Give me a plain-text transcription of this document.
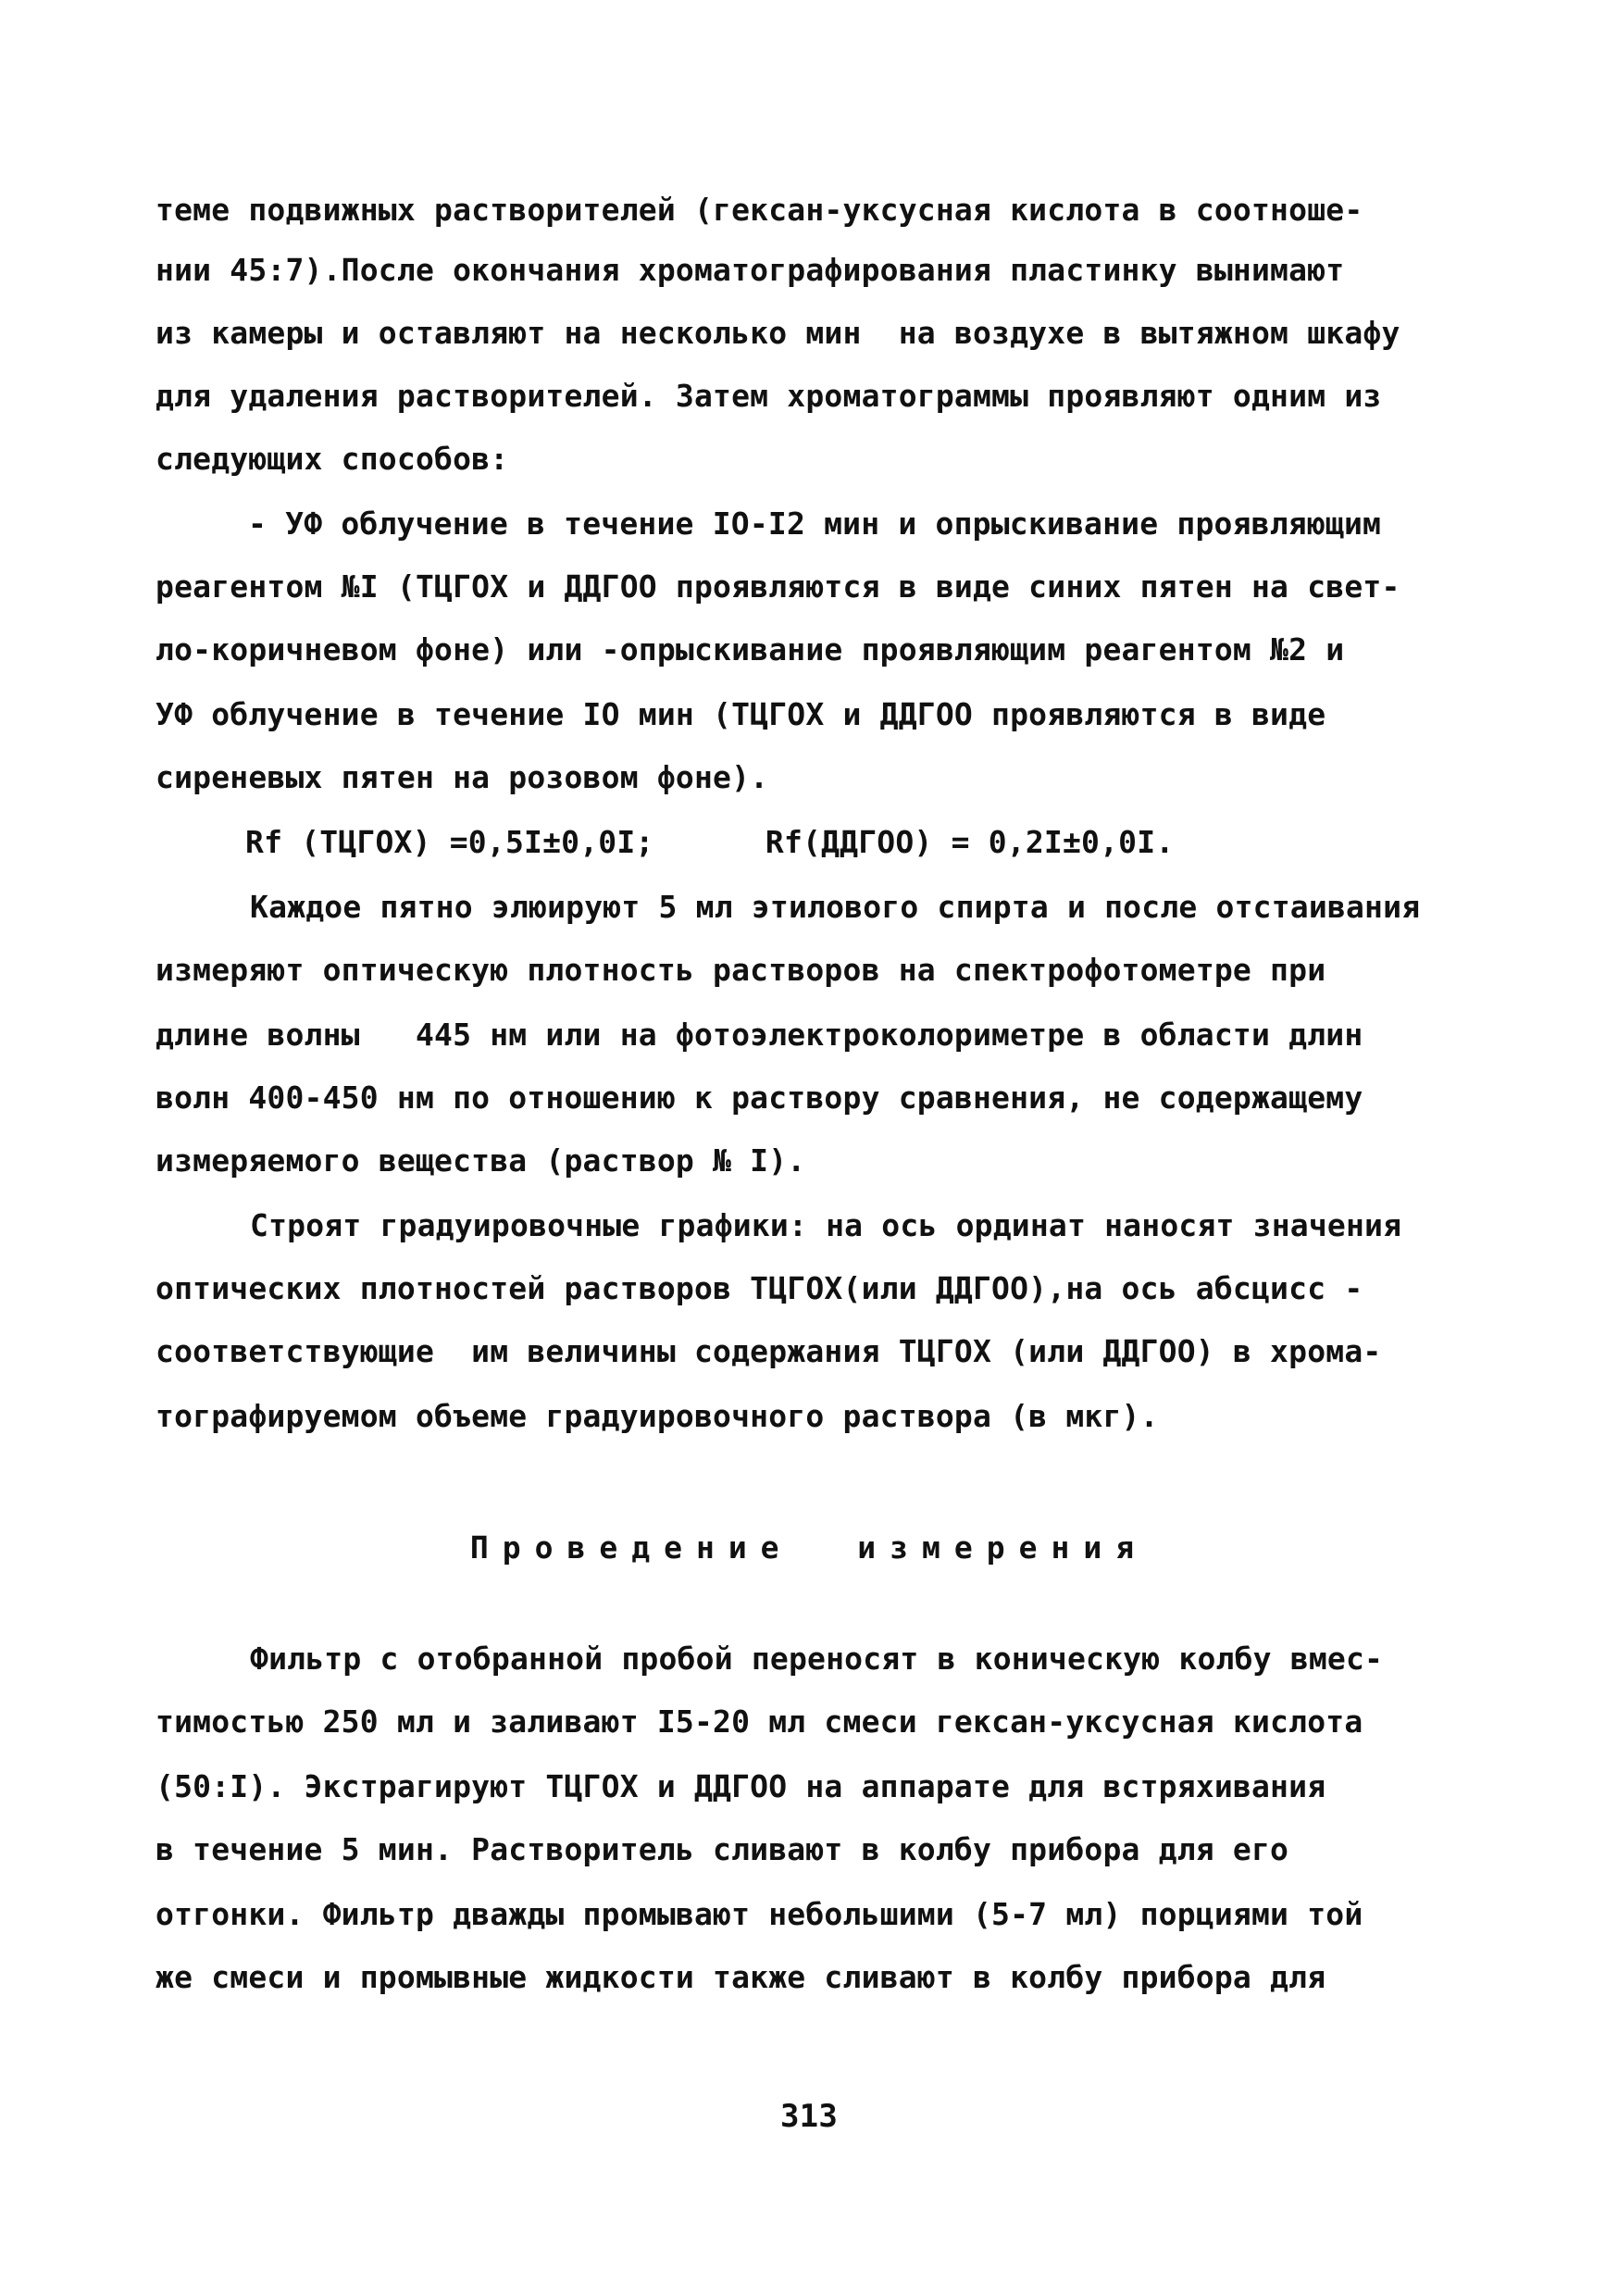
теме подвижных растворителей (гексан-уксусная кислота в соотноше-
нии 45:7).После окончания хроматографирования пластинку вынимают
из камеры и оставляют на несколько мин  на воздухе в вытяжном шкафу
для удаления растворителей. Затем хроматограммы проявляют одним из
следующих способов:
- УФ облучение в течение IO-I2 мин и опрыскивание проявляющим
реагентом №I (ТЦГОХ и ДДГОО проявляются в виде синих пятен на свет-
ло-коричневом фоне) или -опрыскивание проявляющим реагентом №2 и
УФ облучение в течение IO мин (ТЦГОХ и ДДГОО проявляются в виде
сиреневых пятен на розовом фоне).
Rf (ТЦГОХ) =0,5I±0,0I;      Rf(ДДГОО) = 0,2I±0,0I.
Каждое пятно элюируют 5 мл этилового спирта и после отстаивания
измеряют оптическую плотность растворов на спектрофотометре при
длине волны   445 нм или на фотоэлектроколориметре в области длин
волн 400-450 нм по отношению к раствору сравнения, не содержащему
измеряемого вещества (раствор № I).
Строят градуировочные графики: на ось ординат наносят значения
оптических плотностей растворов ТЦГОХ(или ДДГОО),на ось абсцисс -
соответствующие  им величины содержания ТЦГОХ (или ДДГОО) в хрома-
тографируемом объеме градуировочного раствора (в мкг).
Проведение  измерения
Фильтр с отобранной пробой переносят в коническую колбу вмес-
тимостью 250 мл и заливают I5-20 мл смеси гексан-уксусная кислота
(50:I). Экстрагируют ТЦГОХ и ДДГОО на аппарате для встряхивания
в течение 5 мин. Растворитель сливают в колбу прибора для его
отгонки. Фильтр дважды промывают небольшими (5-7 мл) порциями той
же смеси и промывные жидкости также сливают в колбу прибора для
313
